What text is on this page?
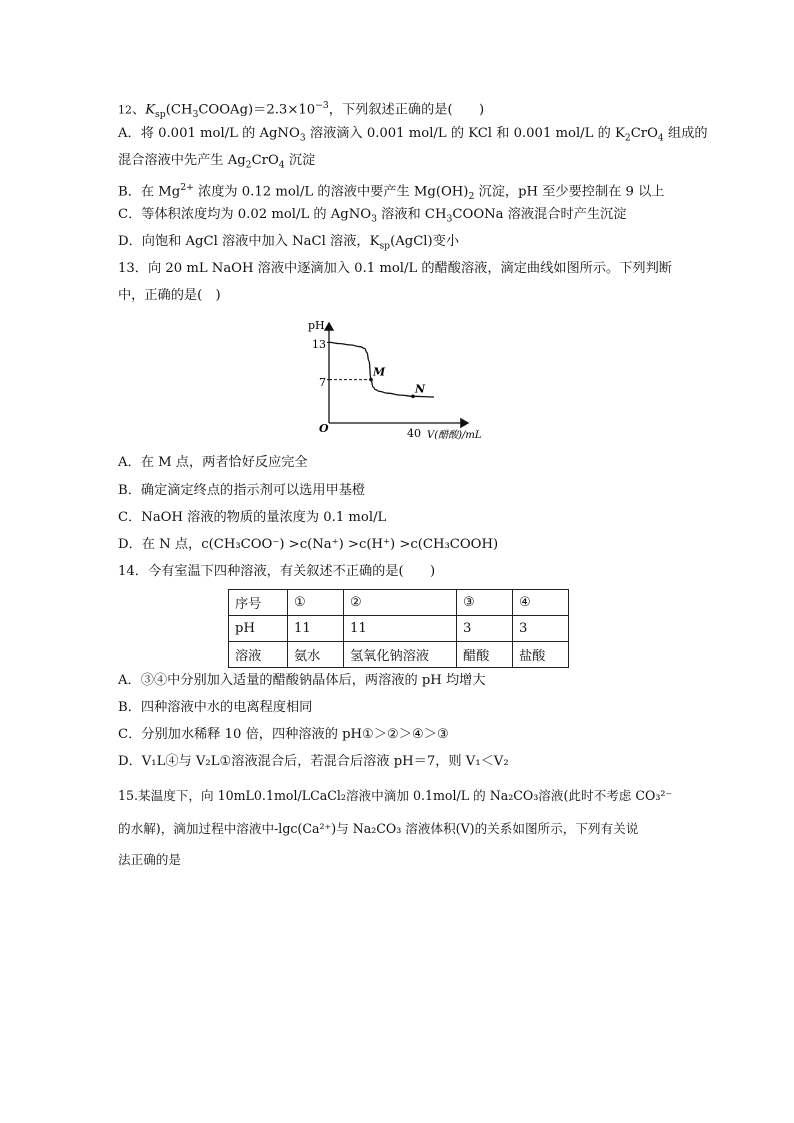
12、$K_{sp}(CH_3COOAg)=2.3\times 10^{-3}$，下列叙述正确的是(　　)
A．将 0.001 mol/L 的 AgNO$_3$ 溶液滴入 0.001 mol/L 的 KCl 和 0.001 mol/L 的 $K_2CrO_4$ 组成的
混合溶液中先产生 $Ag_2CrO_4$ 沉淀
B．在 $Mg^{2+}$ 浓度为 0.12 mol/L 的溶液中要产生 $Mg(OH)_2$ 沉淀，pH 至少要控制在 9 以上
C．等体积浓度均为 0.02 mol/L 的 AgNO$_3$ 溶液和 $CH_3COONa$ 溶液混合时产生沉淀
D．向饱和 AgCl 溶液中加入 NaCl 溶液，$K_{sp}(AgCl)$变小
13．向 20 mL NaOH 溶液中逐滴加入 0.1 mol/L 的醋酸溶液，滴定曲线如图所示。下列判断
中，正确的是(　)
pH
13
7
O	40 V(醋酸)/mL
M
N
A．在 M 点，两者恰好反应完全
B．确定滴定终点的指示剂可以选用甲基橙
C．NaOH 溶液的物质的量浓度为 0.1 mol/L
D．在 N 点，c(CH₃COO⁻) >c(Na⁺) >c(H⁺) >c(CH₃COOH)
14．今有室温下四种溶液，有关叙述不正确的是(　　)
序号	①	②	③	④
pH	11	11	3	3
溶液	氨水	氢氧化钠溶液	醋酸	盐酸
A．③④中分别加入适量的醋酸钠晶体后，两溶液的 pH 均增大
B．四种溶液中水的电离程度相同
C．分别加水稀释 10 倍，四种溶液的 pH①＞②＞④＞③
D．V₁L④与 V₂L①溶液混合后，若混合后溶液 pH＝7，则 V₁＜V₂
15.某温度下，向 10mL0.1mol/LCaCl₂溶液中滴加 0.1mol/L 的 Na₂CO₃溶液(此时不考虑 CO₃²⁻
的水解)，滴加过程中溶液中-lgc(Ca²⁺)与 Na₂CO₃ 溶液体积(V)的关系如图所示，下列有关说
法正确的是
